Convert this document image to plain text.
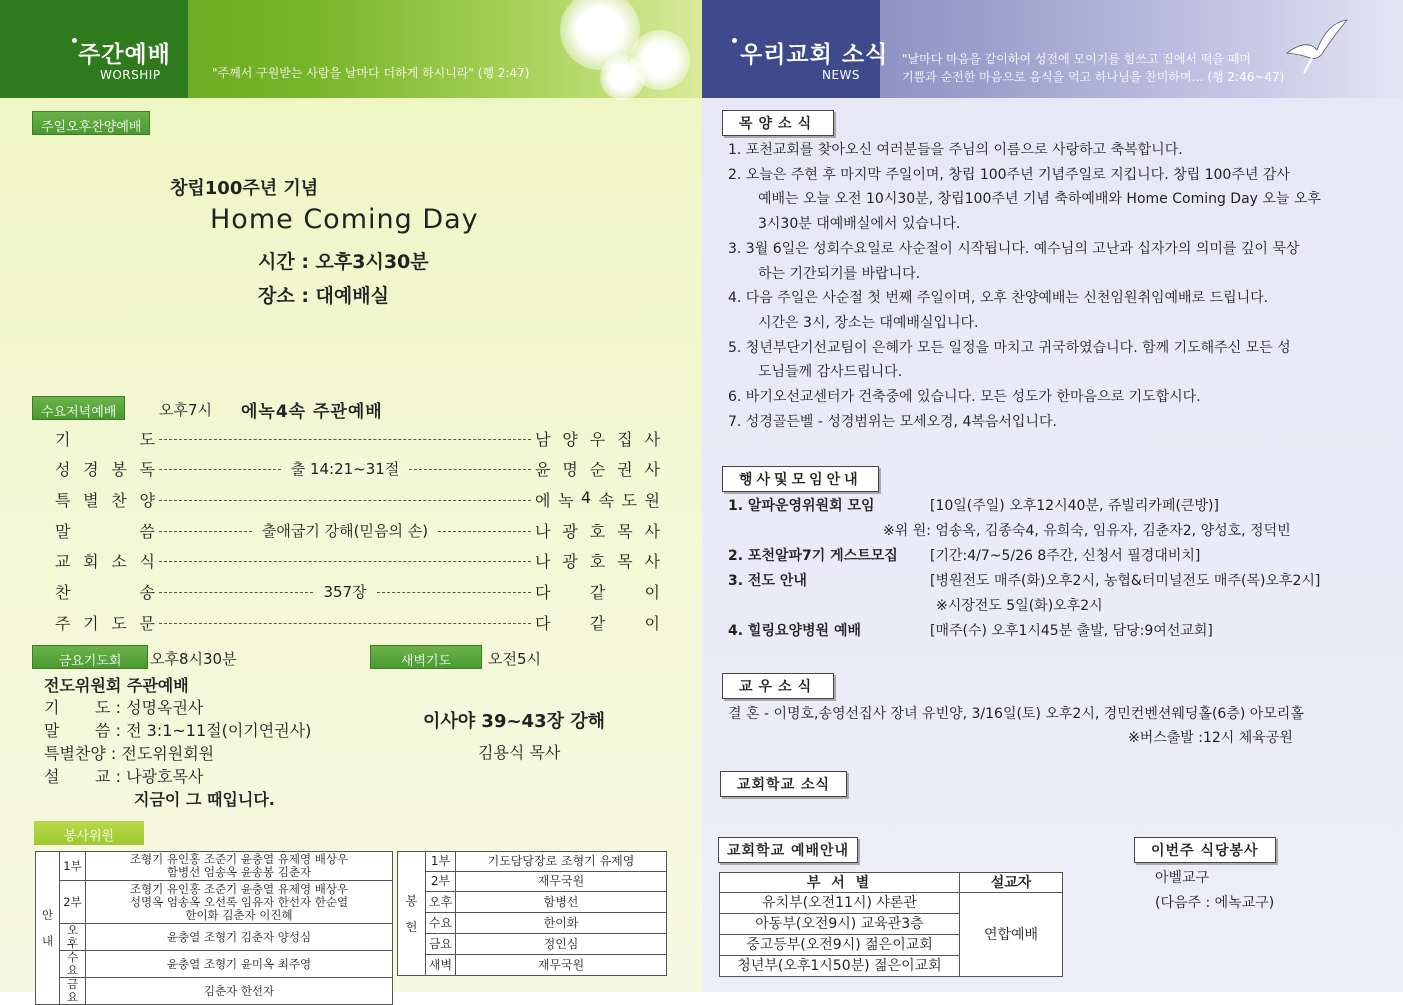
주간예배
WORSHIP	"주께서 구원받는 사람을 날마다 더하게 하시니라" (행 2:47)
주일오후찬양예배
창립100주년 기념
Home Coming Day
시간 : 오후3시30분
장소 : 대예배실
수요저녁예배	오후7시 에녹4속 주관예배
기	도	남 양 우 집 사
성 경 봉 독	출 14:21~31절	윤 명 순 권 사
특 별 찬 양	에 녹 4 속 도 원
말	씀	출애굽기 강해(믿음의 손)	나 광 호 목 사
교 회 소 식	나 광 호 목 사
찬	송	357장	다 같 이
주 기 도 문	다 같 이
금요기도회	오후8시30분
전도위원회 주관예배
기       도 : 성명옥권사
말       씀 : 전 3:1~11절(이기연권사)
특별찬양 : 전도위원회원
설       교 : 나광호목사
지금이 그 때입니다.
새벽기도	오전5시
이사야 39~43장 강해
김용식 목사
봉사위원
안
내	1부	조형기 유인홍 조준기 윤충열 유제영 배상우
함병선 엄송옥 윤송봉 김춘자
	2부	조형기 유인홍 조준기 윤충열 유제영 배상우
성명옥 엄송옥 오선록 임유자 한선자 한순열
한이화 김춘자 이진혜
	오후	윤충열 조형기 김춘자 양성심
	수요	윤충열 조형기 윤미옥 최주영
	금요	김춘자 한선자
봉
헌	1부	기도담당장로 조형기 유제영
	2부	재무국원
	오후	함병선
	수요	한이화
	금요	정인심
	새벽	재무국원
우리교회 소식
NEWS
"날마다 마음을 같이하여 성전에 모이기를 힘쓰고 집에서 떡을 떼며
기쁨과 순전한 마음으로 음식을 먹고 하나님을 찬미하며… (행 2:46~47)
목양소식
1. 포천교회를 찾아오신 여러분들을 주님의 이름으로 사랑하고 축복합니다.
2. 오늘은 주현 후 마지막 주일이며, 창립 100주년 기념주일로 지킵니다. 창립 100주년 감사
예배는 오늘 오전 10시30분, 창립100주년 기념 축하예배와 Home Coming Day 오늘 오후
3시30분 대예배실에서 있습니다.
3. 3월 6일은 성회수요일로 사순절이 시작됩니다. 예수님의 고난과 십자가의 의미를 깊이 묵상
하는 기간되기를 바랍니다.
4. 다음 주일은 사순절 첫 번째 주일이며, 오후 찬양예배는 신천임원취임예배로 드립니다.
시간은 3시, 장소는 대예배실입니다.
5. 청년부단기선교팀이 은혜가 모든 일정을 마치고 귀국하였습니다. 함께 기도해주신 모든 성
도님들께 감사드립니다.
6. 바기오선교센터가 건축중에 있습니다. 모든 성도가 한마음으로 기도합시다.
7. 성경골든벨 - 성경범위는 모세오경, 4복음서입니다.
행사및모임안내
1. 알파운영위원회 모임	[10일(주일) 오후12시40분, 쥬빌리카페(큰방)]
※위 원: 엄송옥, 김종숙4, 유희숙, 임유자, 김춘자2, 양성호, 정덕빈
2. 포천알파7기 게스트모집 [기간:4/7~5/26 8주간, 신청서 필경대비치]
3. 전도 안내	[병원전도 매주(화)오후2시, 농협&터미널전도 매주(목)오후2시]
※시장전도 5일(화)오후2시
4. 힐링요양병원 예배	[매주(수) 오후1시45분 출발, 담당:9여선교회]
교우소식
결 혼 - 이명호,송영선집사 장녀 유빈양, 3/16일(토) 오후2시, 경민컨벤션웨딩홀(6층) 아모리홀
※버스출발 :12시 체육공원
교회학교 소식
교회학교 예배안내
부 서 별	설교자
유치부(오전11시) 샤론관	연합예배
아동부(오전9시) 교육관3층	
중고등부(오전9시) 젊은이교회	
청년부(오후1시50분) 젊은이교회	
이번주 식당봉사
아벨교구
(다음주 : 에녹교구)
